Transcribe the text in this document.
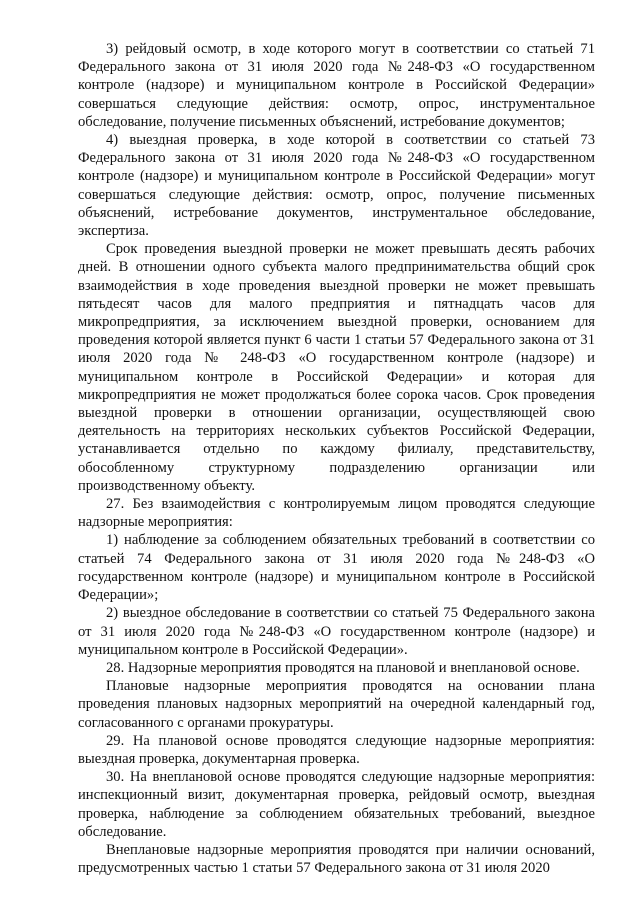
3) рейдовый осмотр, в ходе которого могут в соответствии со статьей 71 Федерального закона от 31 июля 2020 года №248-ФЗ «О государственном контроле (надзоре) и муниципальном контроле в Российской Федерации» совершаться следующие действия: осмотр, опрос, инструментальное обследование, получение письменных объяснений, истребование документов;

4) выездная проверка, в ходе которой в соответствии со статьей 73 Федерального закона от 31 июля 2020 года №248-ФЗ «О государственном контроле (надзоре) и муниципальном контроле в Российской Федерации» могут совершаться следующие действия: осмотр, опрос, получение письменных объяснений, истребование документов, инструментальное обследование, экспертиза.

Срок проведения выездной проверки не может превышать десять рабочих дней. В отношении одного субъекта малого предпринимательства общий срок взаимодействия в ходе проведения выездной проверки не может превышать пятьдесят часов для малого предприятия и пятнадцать часов для микропредприятия, за исключением выездной проверки, основанием для проведения которой является пункт 6 части 1 статьи 57 Федерального закона от 31 июля 2020 года № 248-ФЗ «О государственном контроле (надзоре) и муниципальном контроле в Российской Федерации» и которая для микропредприятия не может продолжаться более сорока часов. Срок проведения выездной проверки в отношении организации, осуществляющей свою деятельность на территориях нескольких субъектов Российской Федерации, устанавливается отдельно по каждому филиалу, представительству, обособленному структурному подразделению организации или производственному объекту.

27. Без взаимодействия с контролируемым лицом проводятся следующие надзорные мероприятия:

1) наблюдение за соблюдением обязательных требований в соответствии со статьей 74 Федерального закона от 31 июля 2020 года №248-ФЗ «О государственном контроле (надзоре) и муниципальном контроле в Российской Федерации»;

2) выездное обследование в соответствии со статьей 75 Федерального закона от 31 июля 2020 года №248-ФЗ «О государственном контроле (надзоре) и муниципальном контроле в Российской Федерации».

28. Надзорные мероприятия проводятся на плановой и внеплановой основе.

Плановые надзорные мероприятия проводятся на основании плана проведения плановых надзорных мероприятий на очередной календарный год, согласованного с органами прокуратуры.

29. На плановой основе проводятся следующие надзорные мероприятия: выездная проверка, документарная проверка.

30. На внеплановой основе проводятся следующие надзорные мероприятия: инспекционный визит, документарная проверка, рейдовый осмотр, выездная проверка, наблюдение за соблюдением обязательных требований, выездное обследование.

Внеплановые надзорные мероприятия проводятся при наличии оснований, предусмотренных частью 1 статьи 57 Федерального закона от 31 июля 2020
